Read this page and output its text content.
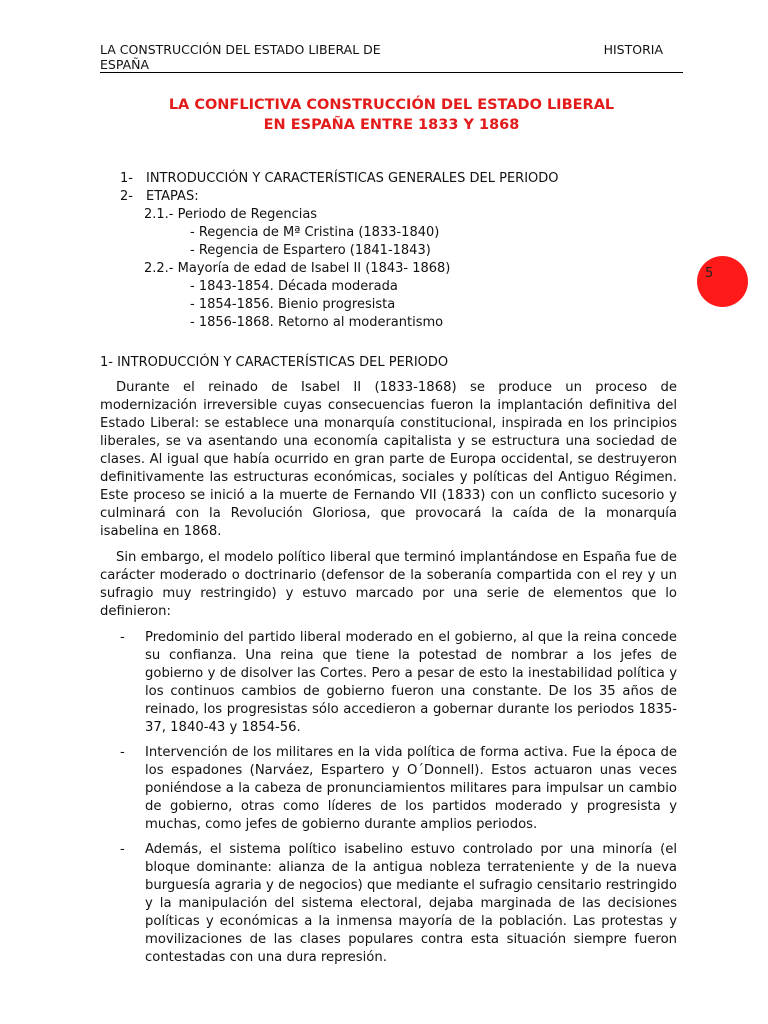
LA CONSTRUCCIÓN DEL ESTADO LIBERAL DE ESPAÑA
HISTORIA
LA CONFLICTIVA CONSTRUCCIÓN DEL ESTADO LIBERAL
EN ESPAÑA ENTRE 1833 Y 1868
1- INTRODUCCIÓN Y CARACTERÍSTICAS GENERALES DEL PERIODO
2- ETAPAS:
2.1.- Periodo de Regencias
- Regencia de Mª Cristina (1833-1840)
- Regencia de Espartero (1841-1843)
2.2.- Mayoría de edad de Isabel II (1843- 1868)
- 1843-1854. Década moderada
- 1854-1856. Bienio progresista
- 1856-1868. Retorno al moderantismo
5
1- INTRODUCCIÓN Y CARACTERÍSTICAS DEL PERIODO

Durante el reinado de Isabel II (1833-1868) se produce un proceso de modernización irreversible cuyas consecuencias fueron la implantación definitiva del Estado Liberal: se establece una monarquía constitucional, inspirada en los principios liberales, se va asentando una economía capitalista y se estructura una sociedad de clases. Al igual que había ocurrido en gran parte de Europa occidental, se destruyeron definitivamente las estructuras económicas, sociales y políticas del Antiguo Régimen. Este proceso se inició a la muerte de Fernando VII (1833) con un conflicto sucesorio y culminará con la Revolución Gloriosa, que provocará la caída de la monarquía isabelina en 1868.

Sin embargo, el modelo político liberal que terminó implantándose en España fue de carácter moderado o doctrinario (defensor de la soberanía compartida con el rey y un sufragio muy restringido) y estuvo marcado por una serie de elementos que lo definieron:

- Predominio del partido liberal moderado en el gobierno, al que la reina concede su confianza. Una reina que tiene la potestad de nombrar a los jefes de gobierno y de disolver las Cortes. Pero a pesar de esto la inestabilidad política y los continuos cambios de gobierno fueron una constante. De los 35 años de reinado, los progresistas sólo accedieron a gobernar durante los periodos 1835-37, 1840-43 y 1854-56.
- Intervención de los militares en la vida política de forma activa. Fue la época de los espadones (Narváez, Espartero y O´Donnell). Estos actuaron unas veces poniéndose a la cabeza de pronunciamientos militares para impulsar un cambio de gobierno, otras como líderes de los partidos moderado y progresista y muchas, como jefes de gobierno durante amplios periodos.
- Además, el sistema político isabelino estuvo controlado por una minoría (el bloque dominante: alianza de la antigua nobleza terrateniente y de la nueva burguesía agraria y de negocios) que mediante el sufragio censitario restringido y la manipulación del sistema electoral, dejaba marginada de las decisiones políticas y económicas a la inmensa mayoría de la población. Las protestas y movilizaciones de las clases populares contra esta situación siempre fueron contestadas con una dura represión.
